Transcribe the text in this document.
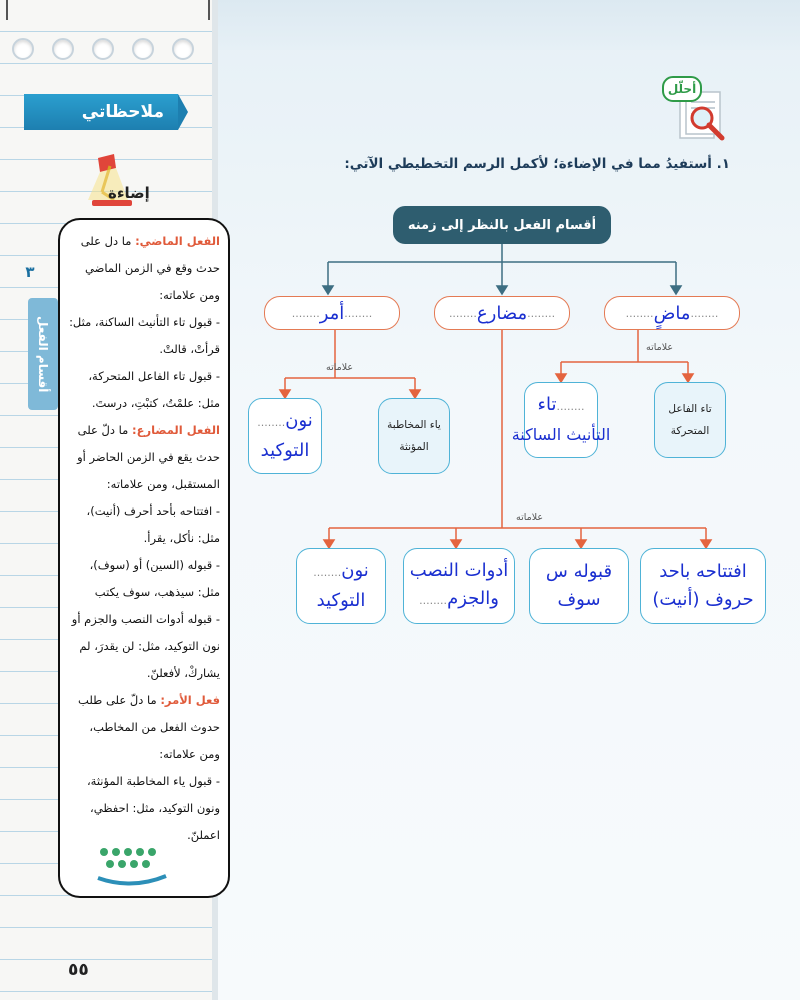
ملاحظاتي
إضاءة
٣
أقسام الفعل
الفعل الماضي: ما دل على حدث وقع في الزمن الماضي ومن علاماته:
- قبول تاء التأنيث الساكنة، مثل: قرأتْ، قالتْ.
- قبول تاء الفاعل المتحركة، مثل: علمْتُ، كتبْتِ، درستَ.
الفعل المضارع: ما دلّ على حدث يقع في الزمن الحاضر أو المستقبل، ومن علاماته:
- افتتاحه بأحد أحرف (أنيت)، مثل: نأكل، يقرأ.
- قبوله (السين) أو (سوف)، مثل: سيذهب، سوف يكتب
- قبوله أدوات النصب والجزم أو نون التوكيد، مثل: لن يقدرَ، لم يشاركْ، لأفعلنّ.
فعل الأمر: ما دلّ على طلب حدوث الفعل من المخاطب، ومن علاماته:
- قبول ياء المخاطبة المؤنثة، ونون التوكيد، مثل: احفظي، اعملنّ.
٥٥
أحلّل
١. أستفيدُ مما في الإضاءة؛ لأكمل الرسم التخطيطي الآتي:
أقسام الفعل بالنظر إلى زمنه
........
ماضٍ
........
........
مضارع
........
........
أمر
........
علاماته
علاماته
علاماته
تاء الفاعل المتحركة
........تاء
التأنيث الساكنة
ياء المخاطبة المؤنثة
نون........
التوكيد
افتتاحه باحد
حروف (أنيت)
قبوله س
سوف
أدوات النصب
والجزم........
نون........
التوكيد
